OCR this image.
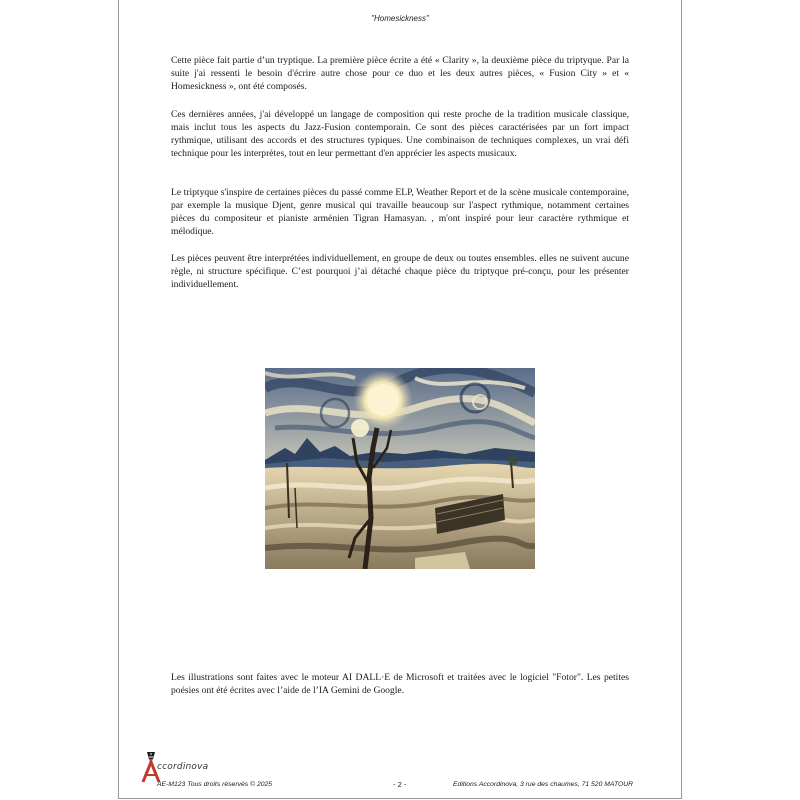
"Homesickness"

Cette pièce fait partie d’un tryptique. La première pièce écrite a été « Clarity », la deuxième pièce du triptyque. Par la suite j'ai ressenti le besoin d'écrire autre chose pour ce duo et les deux autres pièces, « Fusion City » et « Homesickness », ont été composés.

Ces dernières années, j'ai développé un langage de composition qui reste proche de la tradition musicale classique, mais inclut tous les aspects du Jazz-Fusion contemporain. Ce sont des pièces caractérisées par un fort impact rythmique, utilisant des accords et des structures typiques. Une combinaison de techniques complexes, un vrai défi technique pour les interprètes, tout en leur permettant d'en apprécier les aspects musicaux.

Le triptyque s'inspire de certaines pièces du passé comme ELP, Weather Report et de la scène musicale contemporaine, par exemple la musique Djent, genre musical qui travaille beaucoup sur l'aspect rythmique, notamment certaines pièces du compositeur et pianiste arménien Tigran Hamasyan. , m'ont inspiré pour leur caractère rythmique et mélodique.

Les pièces peuvent être interprétées individuellement, en groupe de deux ou toutes ensembles. elles ne suivent aucune règle, ni structure spécifique. C’est pourquoi j’ai détaché chaque pièce du triptyque pré-conçu, pour les présenter individuellement.

Les illustrations sont faites avec le moteur AI DALL·E de Microsoft et traitées avec le logiciel "Fotor". Les petites poésies ont été écrites avec l’aide de l’IA Gemini de Google.

ccordinova
AE-M123 Tous droits réservés © 2025	- 2 -	Editions Accordinova, 3 rue des chaumes, 71 520 MATOUR
